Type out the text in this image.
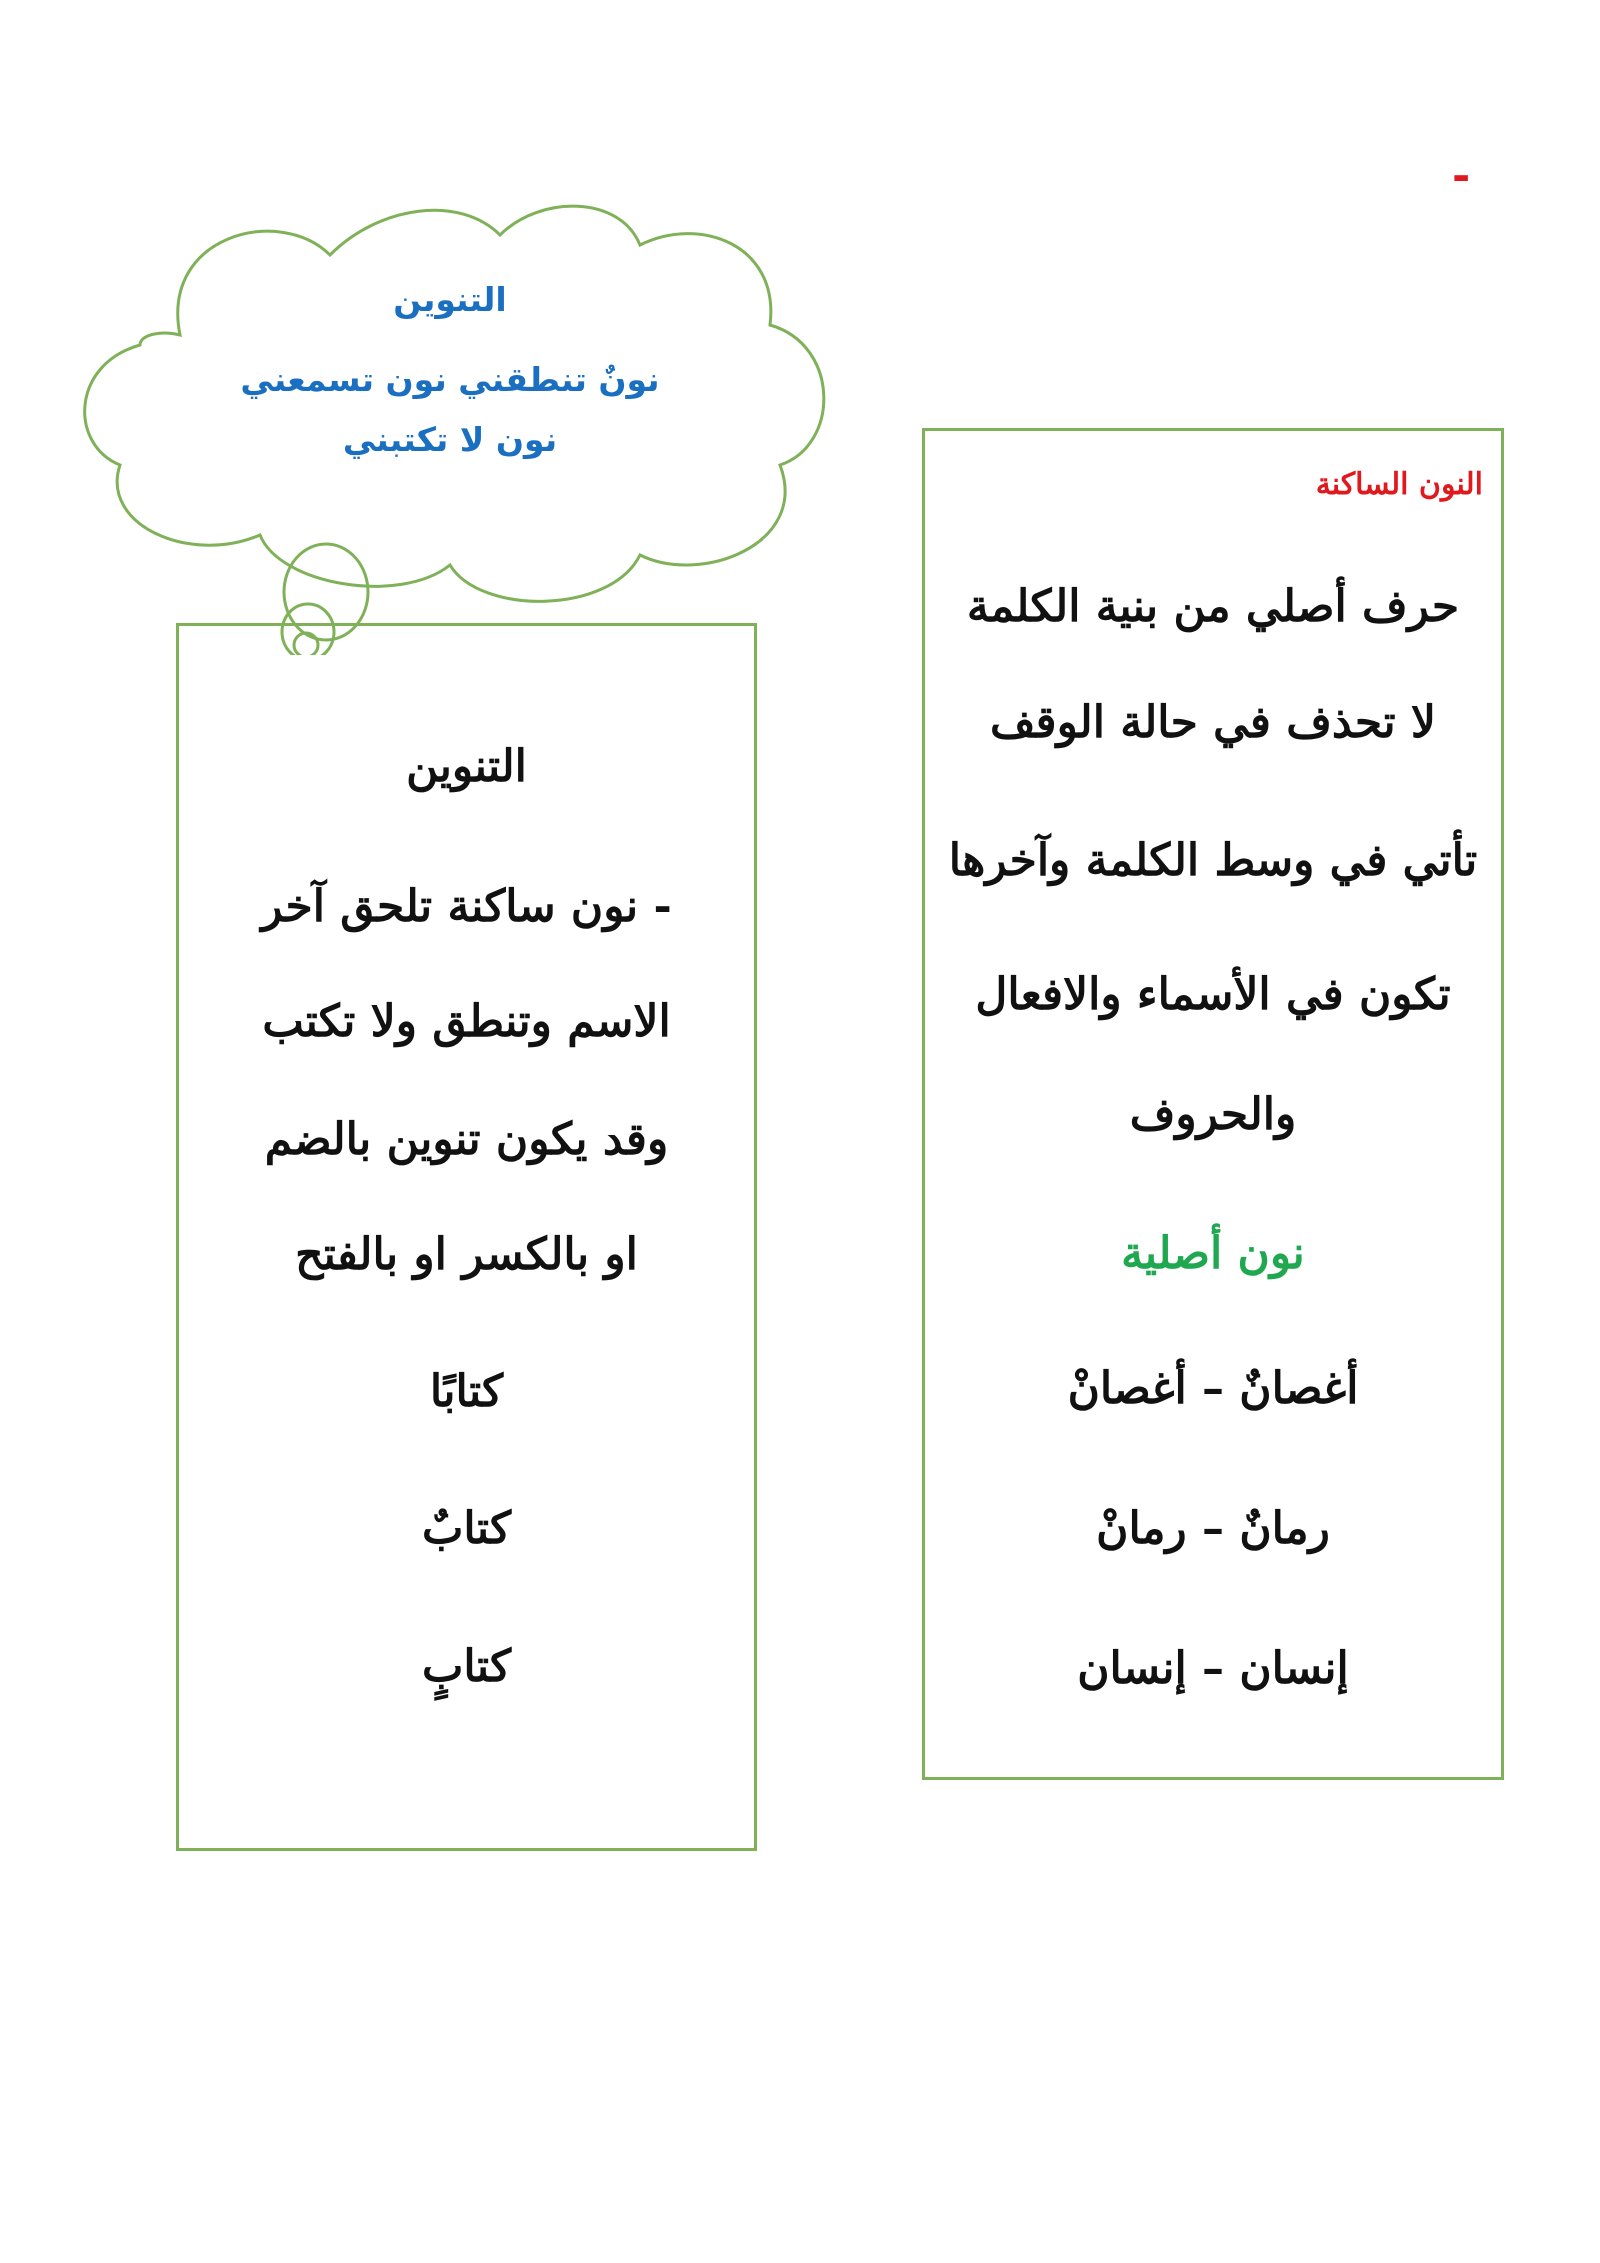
-
التنوين
نونٌ تنطقني نون تسمعني
نون لا تكتبني
النون الساكنة
حرف أصلي من بنية الكلمة
لا تحذف في حالة الوقف
تأتي في وسط الكلمة وآخرها
تكون في الأسماء والافعال
والحروف
نون أصلية
أغصانٌ – أغصانْ
رمانٌ – رمانْ
إنسان – إنسان
التنوين
- نون ساكنة تلحق آخر
الاسم وتنطق ولا تكتب
وقد يكون تنوين بالضم
او بالكسر او بالفتح
كتابًا
كتابٌ
كتابٍ
